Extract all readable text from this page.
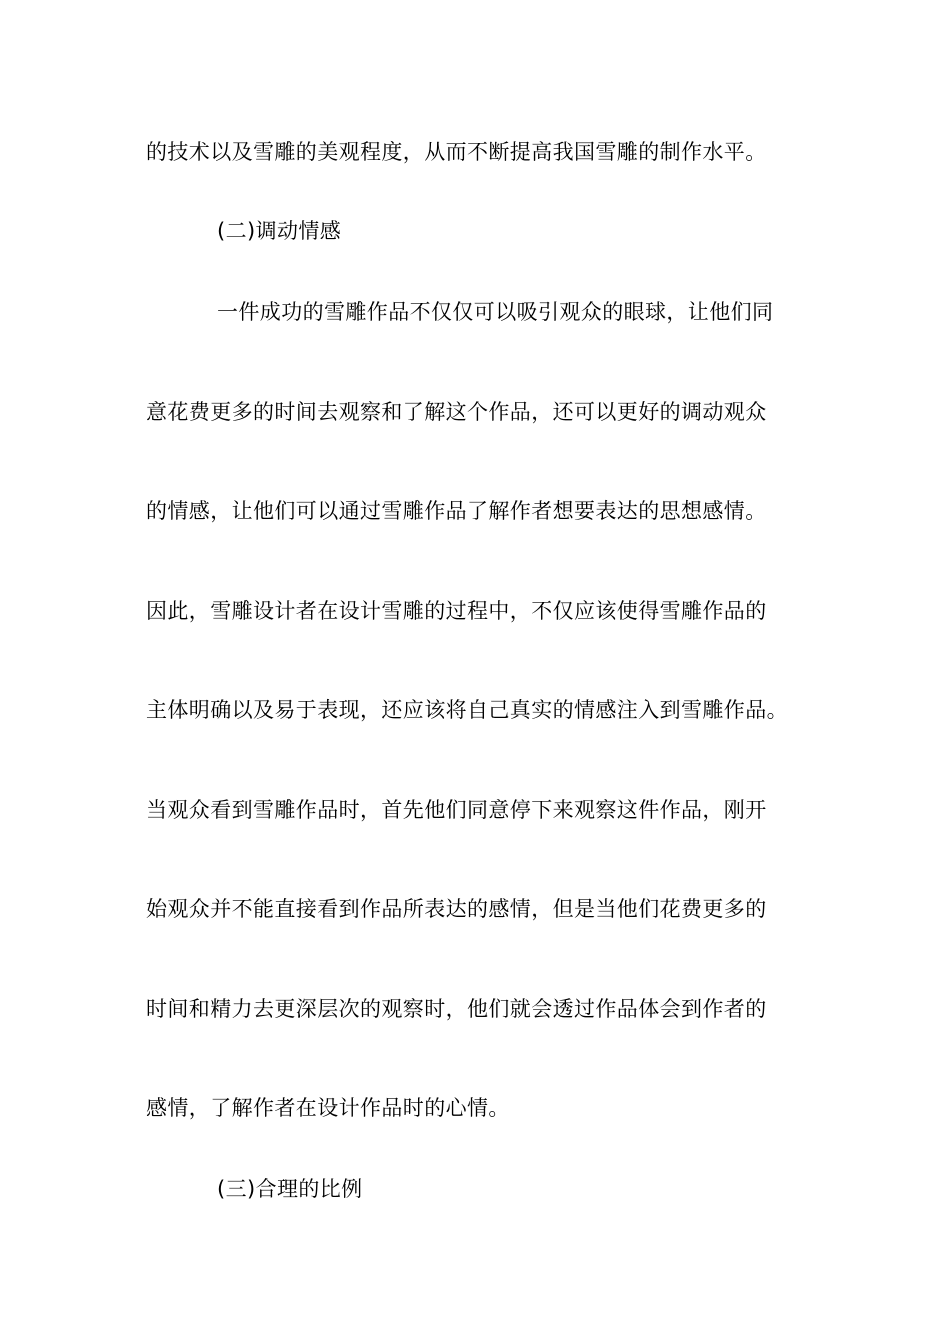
的技术以及雪雕的美观程度，从而不断提高我国雪雕的制作水平。
(二)调动情感
一件成功的雪雕作品不仅仅可以吸引观众的眼球，让他们同
意花费更多的时间去观察和了解这个作品，还可以更好的调动观众
的情感，让他们可以通过雪雕作品了解作者想要表达的思想感情。
因此，雪雕设计者在设计雪雕的过程中，不仅应该使得雪雕作品的
主体明确以及易于表现，还应该将自己真实的情感注入到雪雕作品。
当观众看到雪雕作品时，首先他们同意停下来观察这件作品，刚开
始观众并不能直接看到作品所表达的感情，但是当他们花费更多的
时间和精力去更深层次的观察时，他们就会透过作品体会到作者的
感情，了解作者在设计作品时的心情。
(三)合理的比例
